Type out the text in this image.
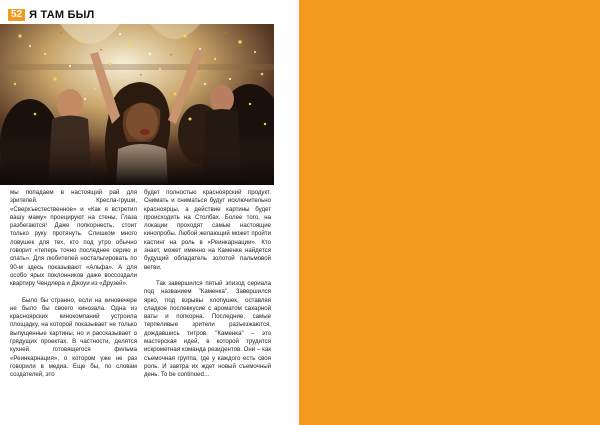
52 Я ТАМ БЫЛ

мы попадаем в настоящий рай для зрителей. Кресла-груши, «Сверхъестественное» и «Как я встретил вашу маму» проецируют на стены. Глаза разбегаются! Даже попкорнесть, стоит только руку протянуть. Слишком много ловушек для тех, кто под утро обычно говорит «теперь точно последнее серию и спать». Для любителей ностальгировать по 90-м здесь показывают «Альфа». А для особо ярых поклонников даже воссоздали квартиру Чендлера и Джоуи из «Друзей».

Было бы странно, если на киновечере не было бы своего кинозала. Одна из красноярских кинокомпаний устроила площадку, на которой показывает не только выпущенные картины, но и рассказывает о грядущих проектах. В частности, делятся кухней готовящегося фильма «Реинкарнация», о котором уже не раз говорили в медиа. Еще бы, по словам создателей, это

будет полностью красноярский продукт. Снимать и сниматься будут исключительно красноярцы, а действие картины будет происходить на Столбах. Более того, на локации проходят самые настоящие кинопробы. Любой желающий может пройти кастинг на роль в «Реинкарнации». Кто знает, может именно на Каменке найдется будущий обладатель золотой пальмовой ветви.

Так завершился пятый эпизод сериала под названием "Каменка". Завершился ярко, под взрывы хлопушек, оставляя сладкое послевкусие с ароматом сахарной ваты и попкорна. Последние, самые терпеливые зрители разъезжаются, дождавшись титров. "Каменка" – это мастерская идей, в которой трудится искрометная команда резидентов. Они – как съемочная группа, где у каждого есть своя роль. И завтра их ждет новый съемочный день. To be continued…
